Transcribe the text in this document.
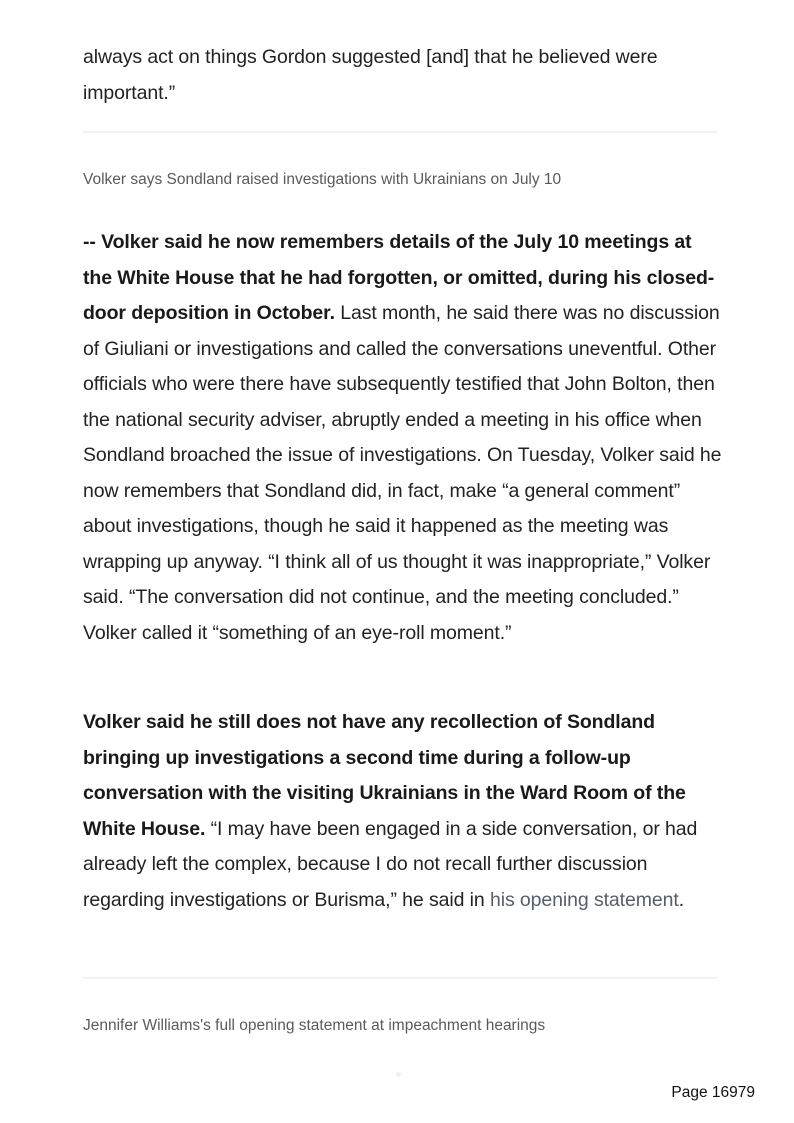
always act on things Gordon suggested [and] that he believed were important.”

Volker says Sondland raised investigations with Ukrainians on July 10

-- Volker said he now remembers details of the July 10 meetings at the White House that he had forgotten, or omitted, during his closed-door deposition in October. Last month, he said there was no discussion of Giuliani or investigations and called the conversations uneventful. Other officials who were there have subsequently testified that John Bolton, then the national security adviser, abruptly ended a meeting in his office when Sondland broached the issue of investigations. On Tuesday, Volker said he now remembers that Sondland did, in fact, make “a general comment” about investigations, though he said it happened as the meeting was wrapping up anyway. “I think all of us thought it was inappropriate,” Volker said. “The conversation did not continue, and the meeting concluded.” Volker called it “something of an eye-roll moment.”

Volker said he still does not have any recollection of Sondland bringing up investigations a second time during a follow-up conversation with the visiting Ukrainians in the Ward Room of the White House. “I may have been engaged in a side conversation, or had already left the complex, because I do not recall further discussion regarding investigations or Burisma,” he said in his opening statement.

Jennifer Williams's full opening statement at impeachment hearings

Page 16979
